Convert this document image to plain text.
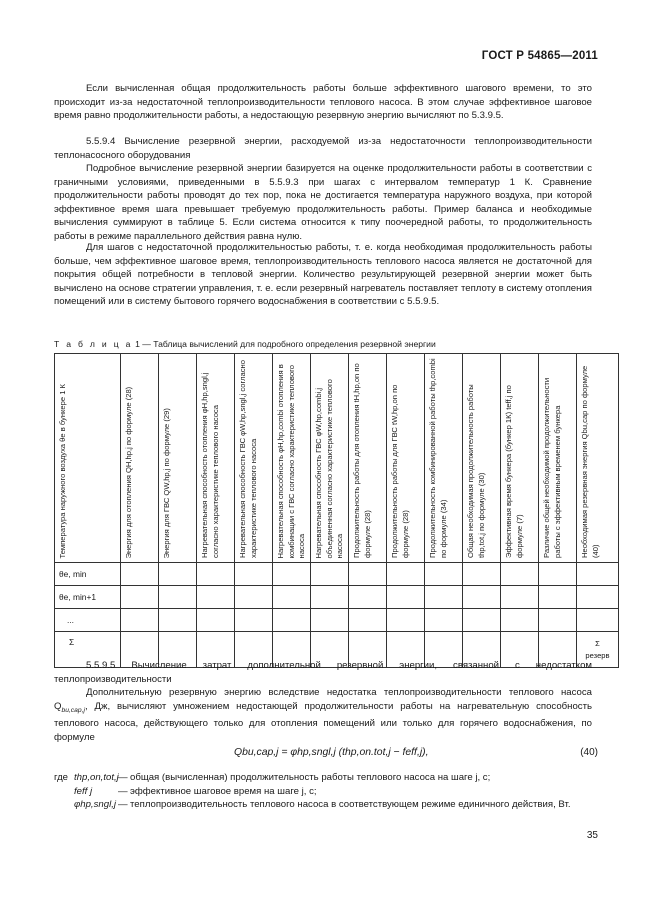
ГОСТ Р 54865—2011
Если вычисленная общая продолжительность работы больше эффективного шагового времени, то это происходит из-за недостаточной теплопроизводительности теплового насоса. В этом случае эффективное шаговое время равно продолжительности работы, а недостающую резервную энергию вычисляют по 5.3.9.5.
5.5.9.4 Вычисление резервной энергии, расходуемой из-за недостаточности теплопроизводительности теплонасосного оборудования
Подробное вычисление резервной энергии базируется на оценке продолжительности работы в соответствии с граничными условиями, приведенными в 5.5.9.3 при шагах с интервалом температур 1 К. Сравнение продолжительности работы проводят до тех пор, пока не достигается температура наружного воздуха, при которой эффективное время шага превышает требуемую продолжительность работы. Пример баланса и необходимые вычисления суммируют в таблице 5. Если система относится к типу поочередной работы, то продолжительность работы в режиме параллельного действия равна нулю.
Для шагов с недостаточной продолжительностью работы, т. е. когда необходимая продолжительность работы больше, чем эффективное шаговое время, теплопроизводительность теплового насоса является не достаточной для покрытия общей потребности в тепловой энергии. Количество результирующей резервной энергии может быть вычислено на основе стратегии управления, т. е. если резервный нагреватель поставляет теплоту в систему отопления помещений или в систему бытового горячего водоснабжения в соответствии с 5.5.9.5.
Т а б л и ц а 1 — Таблица вычислений для подробного определения резервной энергии
Температура наружного воздуха θe в бункере 1 К	Энергия для отопления QH,hp,j по формуле (28)	Энергия для ГВС QW,hp,j по формуле (29)	Нагревательная способность отопления φH,hp,sngl,j согласно характеристике теплового насоса	Нагревательная способность ГВС φW,hp,sngl,j согласно характеристике теплового насоса	Нагревательная способность φH,hp,combi отопления в комбинации с ГВС согласно характеристике теплового насоса	Нагревательная способность ГВС φW,hp,combi,j объединенная согласно характеристике теплового насоса	Продолжительность работы для отопления tH,hp,on по формуле (28)	Продолжительность работы для ГВС tW,hp,on по формуле (28)	Продолжительность комбинированной работы thp,combi по формуле (34)	Общая необходимая продолжительность работы thp,tot,j по формуле (30)	Эффективная время бункера (бункер 1К) teff,j по формуле (7)	Различие общей необходимой продолжительности работы с эффективным временем бункера	Необходимая резервная энергия Qbu,cap по формуле (40)

θe, min													
θe, min+1													
...													
Σ													Σ
резерв
5.5.9.5 Вычисление затрат дополнительной резервной энергии, связанной с недостатком теплопроизводительности
Дополнительную резервную энергию вследствие недостатка теплопроизводительности теплового насоса $Q_{bu,cap,j}$, Дж, вычисляют умножением недостающей продолжительности работы на нагревательную способность теплового насоса, действующего только для отопления помещений или только для горячего водоснабжения, по формуле
Qbu,cap,j = φhp,sngl,j (thp,on.tot,j − feff,j),	(40)
где thp,on,tot,j — общая (вычисленная) продолжительность работы теплового насоса на шаге j, с;
feff j	— эффективное шаговое время на шаге j, с;
φhp,sngl,j — теплопроизводительность теплового насоса в соответствующем режиме единичного действия, Вт.
35
